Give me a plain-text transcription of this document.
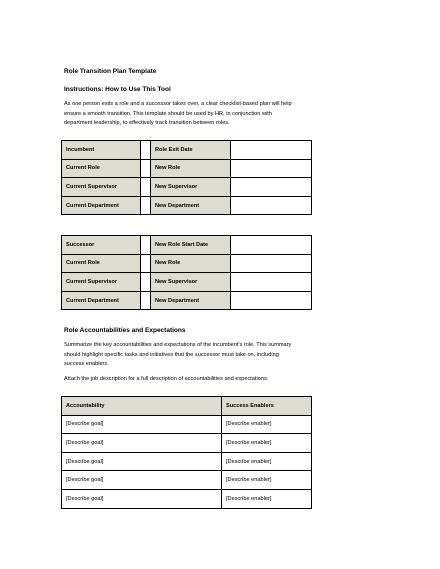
Role Transition Plan Template
Instructions: How to Use This Tool
As one person exits a role and a successor takes over, a clear checklist-based plan will help
ensure a smooth transition. This template should be used by HR, in conjunction with
department leadership, to effectively track transition between roles.
Incumbent		Role Exit Date	
Current Role		New Role	
Current Supervisor		New Supervisor	
Current Department		New Department	
Successor		New Role Start Date	
Current Role		New Role	
Current Supervisor		New Supervisor	
Current Department		New Department	
Role Accountabilities and Expectations
Summarize the key accountabilities and expectations of the incumbent's role. This summary
should highlight specific tasks and initiatives that the successor must take on, including
success enablers.
Attach the job description for a full description of accountabilities and expectations.
Accountability	Success Enablers
[Describe goal]	[Describe enabler]
[Describe goal]	[Describe enabler]
[Describe goal]	[Describe enabler]
[Describe goal]	[Describe enabler]
[Describe goal]	[Describe enabler]
